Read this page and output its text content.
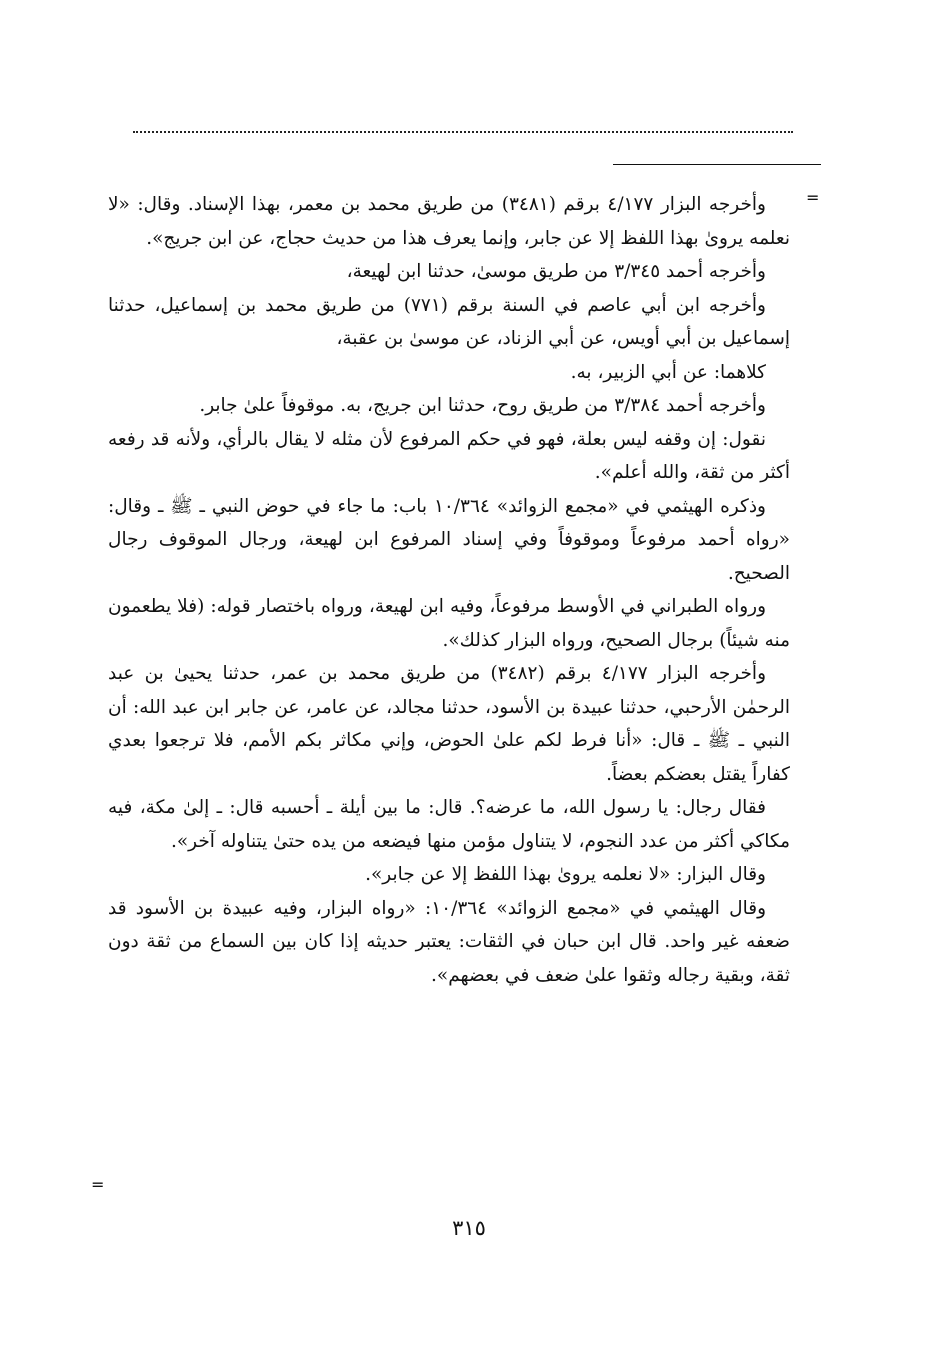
=
=

وأخرجه البزار ٤/١٧٧ برقم (٣٤٨١) من طريق محمد بن معمر، بهذا الإسناد. وقال: «لا نعلمه يروىٰ بهذا اللفظ إلا عن جابر، وإنما يعرف هذا من حديث حجاج، عن ابن جريج».

وأخرجه أحمد ٣/٣٤٥ من طريق موسىٰ، حدثنا ابن لهيعة،

وأخرجه ابن أبي عاصم في السنة برقم (٧٧١) من طريق محمد بن إسماعيل، حدثنا إسماعيل بن أبي أويس، عن أبي الزناد، عن موسىٰ بن عقبة،

كلاهما: عن أبي الزبير، به.

وأخرجه أحمد ٣/٣٨٤ من طريق روح، حدثنا ابن جريج، به. موقوفاً علىٰ جابر.

نقول: إن وقفه ليس بعلة، فهو في حكم المرفوع لأن مثله لا يقال بالرأي، ولأنه قد رفعه أكثر من ثقة، والله أعلم».

وذكره الهيثمي في «مجمع الزوائد» ١٠/٣٦٤ باب: ما جاء في حوض النبي ـ ﷺ ـ وقال: «رواه أحمد مرفوعاً وموقوفاً وفي إسناد المرفوع ابن لهيعة، ورجال الموقوف رجال الصحيح.

ورواه الطبراني في الأوسط مرفوعاً، وفيه ابن لهيعة، ورواه باختصار قوله: (فلا يطعمون منه شيئاً) برجال الصحيح، ورواه البزار كذلك».

وأخرجه البزار ٤/١٧٧ برقم (٣٤٨٢) من طريق محمد بن عمر، حدثنا يحيىٰ بن عبد الرحمٰن الأرحبي، حدثنا عبيدة بن الأسود، حدثنا مجالد، عن عامر، عن جابر ابن عبد الله: أن النبي ـ ﷺ ـ قال: «أنا فرط لكم علىٰ الحوض، وإني مكاثر بكم الأمم، فلا ترجعوا بعدي كفاراً يقتل بعضكم بعضاً.

فقال رجال: يا رسول الله، ما عرضه؟. قال: ما بين أيلة ـ أحسبه قال: ـ إلىٰ مكة، فيه مكاكي أكثر من عدد النجوم، لا يتناول مؤمن منها فيضعه من يده حتىٰ يتناوله آخر».

وقال البزار: «لا نعلمه يروىٰ بهذا اللفظ إلا عن جابر».

وقال الهيثمي في «مجمع الزوائد» ١٠/٣٦٤: «رواه البزار، وفيه عبيدة بن الأسود قد ضعفه غير واحد. قال ابن حبان في الثقات: يعتبر حديثه إذا كان بين السماع من ثقة دون ثقة، وبقية رجاله وثقوا علىٰ ضعف في بعضهم».

٣١٥
